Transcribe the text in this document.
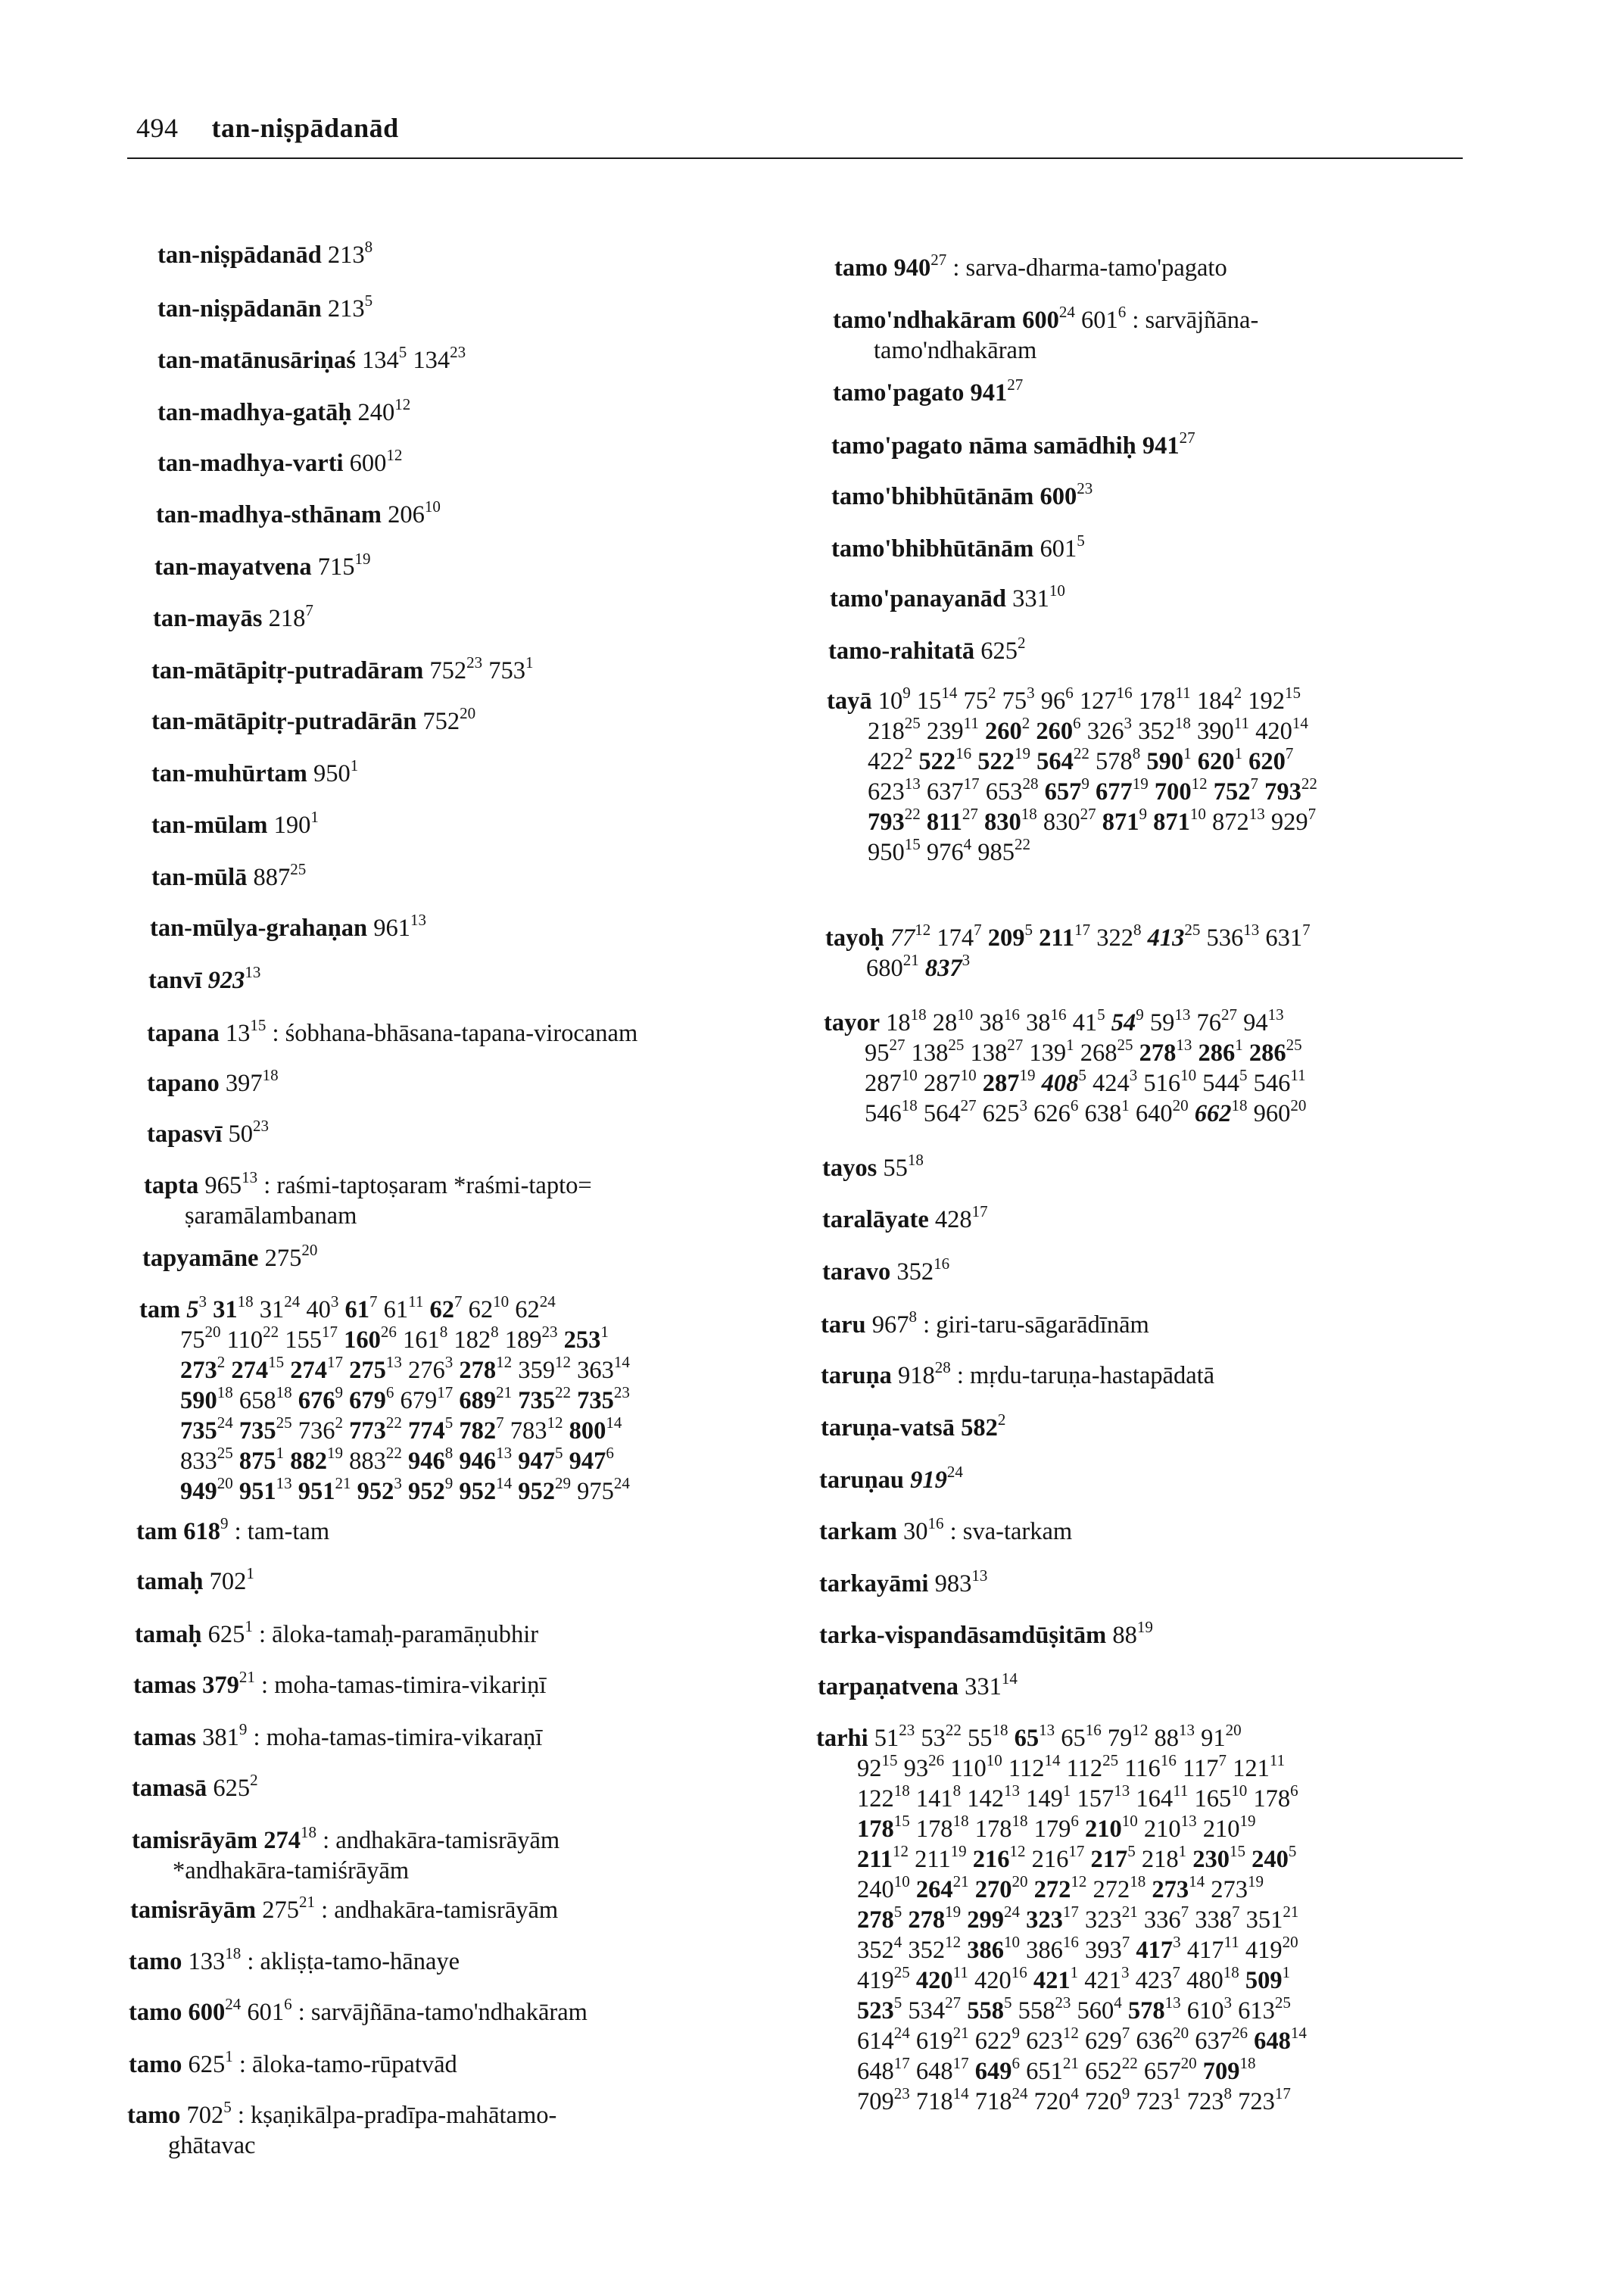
494 tan-niṣpādanād
tan-niṣpādanād $213^8$
tan-niṣpādanān $213^5$
tan-matānusāriṇaś $134^5$ $134^{23}$
tan-madhya-gatāḥ $240^{12}$
tan-madhya-varti $600^{12}$
tan-madhya-sthānam $206^{10}$
tan-mayatvena $715^{19}$
tan-mayās $218^7$
tan-mātāpitṛ-putradāram $752^{23}$ $753^1$
tan-mātāpitṛ-putradārān $752^{20}$
tan-muhūrtam $950^1$
tan-mūlam $190^1$
tan-mūlā $887^{25}$
tan-mūlya-grahaṇan $961^{13}$
tanvī $923^{13}$
tapana $13^{15}$ : śobhana-bhāsana-tapana-virocanam
tapano $397^{18}$
tapasvī $50^{23}$
tapta $965^{13}$ : raśmi-taptoṣaram *raśmi-tapto=
ṣaramālambanam
tapyamāne $275^{20}$
tam $5^3$ $31^{18}$ $31^{24}$ $40^3$ $61^7$ $61^{11}$ $62^7$ $62^{10}$ $62^{24}$
$75^{20}$ $110^{22}$ $155^{17}$ $160^{26}$ $161^8$ $182^8$ $189^{23}$ $253^1$
$273^2$ $274^{15}$ $274^{17}$ $275^{13}$ $276^3$ $278^{12}$ $359^{12}$ $363^{14}$
$590^{18}$ $658^{18}$ $676^9$ $679^6$ $679^{17}$ $689^{21}$ $735^{22}$ $735^{23}$
$735^{24}$ $735^{25}$ $736^2$ $773^{22}$ $774^5$ $782^7$ $783^{12}$ $800^{14}$
$833^{25}$ $875^1$ $882^{19}$ $883^{22}$ $946^8$ $946^{13}$ $947^5$ $947^6$
$949^{20}$ $951^{13}$ $951^{21}$ $952^3$ $952^9$ $952^{14}$ $952^{29}$ $975^{24}$
tam $618^9$ : tam-tam
tamaḥ $702^1$
tamaḥ $625^1$ : āloka-tamaḥ-paramāṇubhir
tamas $379^{21}$ : moha-tamas-timira-vikariṇī
tamas $381^9$ : moha-tamas-timira-vikaraṇī
tamasā $625^2$
tamisrāyām $274^{18}$ : andhakāra-tamisrāyām
*andhakāra-tamiśrāyām
tamisrāyām $275^{21}$ : andhakāra-tamisrāyām
tamo $133^{18}$ : akliṣṭa-tamo-hānaye
tamo $600^{24}$ $601^6$ : sarvājñāna-tamo'ndhakāram
tamo $625^1$ : āloka-tamo-rūpatvād
tamo $702^5$ : kṣaṇikālpa-pradīpa-mahātamo-
ghātavac
tamo $940^{27}$ : sarva-dharma-tamo'pagato
tamo'ndhakāram $600^{24}$ $601^6$ : sarvājñāna-
tamo'ndhakāram
tamo'pagato $941^{27}$
tamo'pagato nāma samādhiḥ $941^{27}$
tamo'bhibhūtānām $600^{23}$
tamo'bhibhūtānām $601^5$
tamo'panayanād $331^{10}$
tamo-rahitatā $625^2$
tayā $10^9$ $15^{14}$ $75^2$ $75^3$ $96^6$ $127^{16}$ $178^{11}$ $184^2$ $192^{15}$
$218^{25}$ $239^{11}$ $260^2$ $260^6$ $326^3$ $352^{18}$ $390^{11}$ $420^{14}$
$422^2$ $522^{16}$ $522^{19}$ $564^{22}$ $578^8$ $590^1$ $620^1$ $620^7$
$623^{13}$ $637^{17}$ $653^{28}$ $657^9$ $677^{19}$ $700^{12}$ $752^7$ $793^{22}$
$793^{22}$ $811^{27}$ $830^{18}$ $830^{27}$ $871^9$ $871^{10}$ $872^{13}$ $929^7$
$950^{15}$ $976^4$ $985^{22}$
tayoḥ $77^{12}$ $174^7$ $209^5$ $211^{17}$ $322^8$ $413^{25}$ $536^{13}$ $631^7$
$680^{21}$ $837^3$
tayor $18^{18}$ $28^{10}$ $38^{16}$ $38^{16}$ $41^5$ $54^9$ $59^{13}$ $76^{27}$ $94^{13}$
$95^{27}$ $138^{25}$ $138^{27}$ $139^1$ $268^{25}$ $278^{13}$ $286^1$ $286^{25}$
$287^{10}$ $287^{10}$ $287^{19}$ $408^5$ $424^3$ $516^{10}$ $544^5$ $546^{11}$
$546^{18}$ $564^{27}$ $625^3$ $626^6$ $638^1$ $640^{20}$ $662^{18}$ $960^{20}$
tayos $55^{18}$
taralāyate $428^{17}$
taravo $352^{16}$
taru $967^8$ : giri-taru-sāgarādīnām
taruṇa $918^{28}$ : mṛdu-taruṇa-hastapādatā
taruṇa-vatsā $582^2$
taruṇau $919^{24}$
tarkam $30^{16}$ : sva-tarkam
tarkayāmi $983^{13}$
tarka-vispandāsamdūṣitām $88^{19}$
tarpaṇatvena $331^{14}$
tarhi $51^{23}$ $53^{22}$ $55^{18}$ $65^{13}$ $65^{16}$ $79^{12}$ $88^{13}$ $91^{20}$
$92^{15}$ $93^{26}$ $110^{10}$ $112^{14}$ $112^{25}$ $116^{16}$ $117^7$ $121^{11}$
$122^{18}$ $141^8$ $142^{13}$ $149^1$ $157^{13}$ $164^{11}$ $165^{10}$ $178^6$
$178^{15}$ $178^{18}$ $178^{18}$ $179^6$ $210^{10}$ $210^{13}$ $210^{19}$
$211^{12}$ $211^{19}$ $216^{12}$ $216^{17}$ $217^5$ $218^1$ $230^{15}$ $240^5$
$240^{10}$ $264^{21}$ $270^{20}$ $272^{12}$ $272^{18}$ $273^{14}$ $273^{19}$
$278^5$ $278^{19}$ $299^{24}$ $323^{17}$ $323^{21}$ $336^7$ $338^7$ $351^{21}$
$352^4$ $352^{12}$ $386^{10}$ $386^{16}$ $393^7$ $417^3$ $417^{11}$ $419^{20}$
$419^{25}$ $420^{11}$ $420^{16}$ $421^1$ $421^3$ $423^7$ $480^{18}$ $509^1$
$523^5$ $534^{27}$ $558^5$ $558^{23}$ $560^4$ $578^{13}$ $610^3$ $613^{25}$
$614^{24}$ $619^{21}$ $622^9$ $623^{12}$ $629^7$ $636^{20}$ $637^{26}$ $648^{14}$
$648^{17}$ $648^{17}$ $649^6$ $651^{21}$ $652^{22}$ $657^{20}$ $709^{18}$
$709^{23}$ $718^{14}$ $718^{24}$ $720^4$ $720^9$ $723^1$ $723^8$ $723^{17}$
